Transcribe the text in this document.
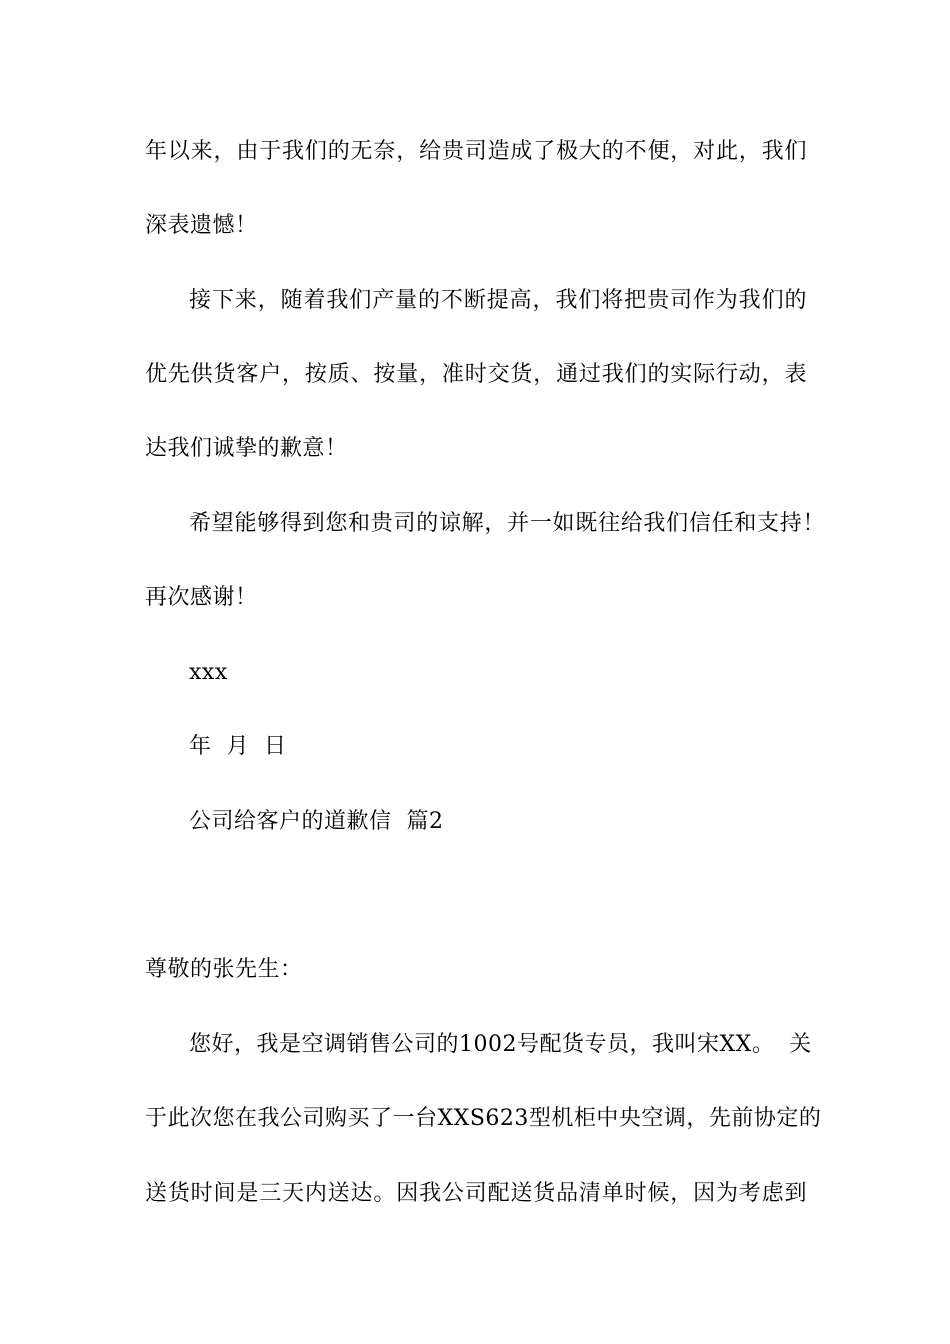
年以来，由于我们的无奈，给贵司造成了极大的不便，对此，我们
深表遗憾！
接下来，随着我们产量的不断提高，我们将把贵司作为我们的
优先供货客户，按质、按量，准时交货，通过我们的实际行动，表
达我们诚挚的歉意！
希望能够得到您和贵司的谅解，并一如既往给我们信任和支持！
再次感谢！
xxx
年  月  日
公司给客户的道歉信  篇2
尊敬的张先生：
您好，我是空调销售公司的1002号配货专员，我叫宋XX。  关
于此次您在我公司购买了一台XXS623型机柜中央空调，先前协定的
送货时间是三天内送达。因我公司配送货品清单时候，因为考虑到
